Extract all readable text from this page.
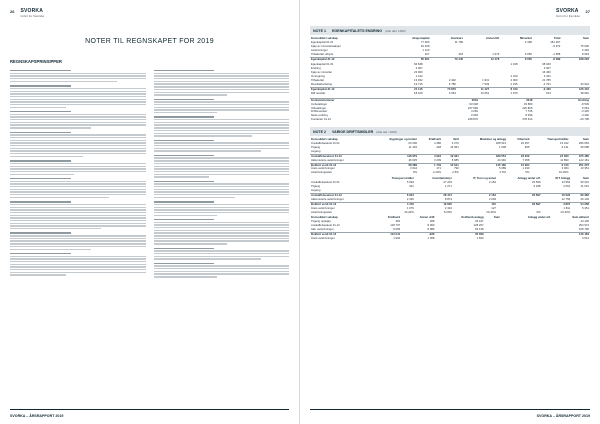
26 SVORKA
Grönt for framtida
NOTER TIL REGNSKAPET FOR 2019
REGNSKAPSPRINSIPPER
SVORKA – ÅRSRAPPORT 2019
SVORKA
Grönt for framtida
27
NOTE 1 EGENKAPITALETS ENDRING (Alle tall i 1000)
Konsolidert selskap	Aksje-kapital	Overkurs	Annen EK	Minoritet	Total	Sum
Egenkapital 01.01	77 000	11 780		2 438	181 267	
Kjøp av minoritetsaksjer	91 428				-9 373	75 600
Avskrivninger	1 120					2 420
Tilbakeført utbytte	227	318	1 679	6 056	-1 558	8 063
Egenkapital 31.12	65 661	79 440	12 478	8 056	-8 089	188 203

Egenkapital 01.01	66 848			1 198	68 046	
Endring	3 007				3 007	
Kjøp av minoritet	23 900				16 460	
Omregning	1 122			2 319	3 441	
Tilbakeført	13 452	2 402	1 931	4 000	21 785	
Resultatfordeling	19 715	6 786	7 949	2 235	-2 761	33 924
Egenkapital 31.12	21 115	73 879	11 427	8 443	-9 430	126 434
Diff resultat	18 109	4 564	13 651	1 979	613	38 916

Kontantstrømmer	2019	2018	Endring
Innbetalinger	93 048	33 883	-8 539
Utbetalinger	237 683	220 825	6 664
Driftsresultat	4 281	7 726	-3 445
Netto endring	3 994	8 396	-4 402
Kontanter 31.12	248 876	278 614	-29 738

NOTE 2 VARIGE DRIFTSMIDLER (Alle tall i 1000)
Konsolidert selskap	Bygninger og tomter	Kraftverk	Nett	Maskiner og anlegg	Fibernett	Transportmidler	Sum
Anskaffelseskost 01.01	63 206	4 486	3 270	188 513	22 357	15 222	296 054
Tilgang	11 445	448	16 061	1 038	965	6 141	36 098
Avgang							
Anskaffelseskost 31.12	116 979	4 934	19 331	189 551	23 322	21 363	375 480
Akkumulerte avskrivninger	46 625	3 209	8 685	44 391	7 358	11 893	122 161
Bokført verdi 31.12	68 389	1 749	10 641	145 160	15 964	9 470	251 373
Årets avskrivninger	3 044	171	790	5 089	1 193	3 064	13 351
Avskrivningssats	0%	2-10%	2-5%	2-5%	5%	10-20%	

	Transport-midler	Inventar/utstyr	IT, Teori og annet	Anlegg under utf.	IKT Anlegg	Sum
Anskaffelseskost 01.01	5 993	27 203	2 164	20 509	13 962	69 331
Tilgang	911	1 271		6 188	2 661	11 031
Avgang						
Anskaffelseskost 31.12	6 904	28 474	2 164	26 697	16 623	80 362
Akkumulerte avskrivninger	2 425	8 874	2 049		12 756	26 104
Bokført verdi 31.12	4 479	19 600	115	26 697	3 867	54 258
Årets avskrivninger	1 079	2 434	127		1 811	5 451
Avskrivningssats	10-20%	5-20%	20-33%	0%	20-33%	

Konsolidert selskap	Kraftverk	Annen drift	Kraftverk-anlegg	Sum	Anlegg under utf.	Sum aktivert
Tilgang oppkjøp	381	308	43 447			44 136
Anskaffelseskost 31.12	118 707	8 060	128 207			254 974
Akk. avskrivninger	6 666	8 986	93 138			108 790
Bokført verdi 31.12	112 041	-926	35 069			146 184
Årets avskrivninger	1 904	1 008	1 600			4 512

SVORKA – ÅRSRAPPORT 2019
